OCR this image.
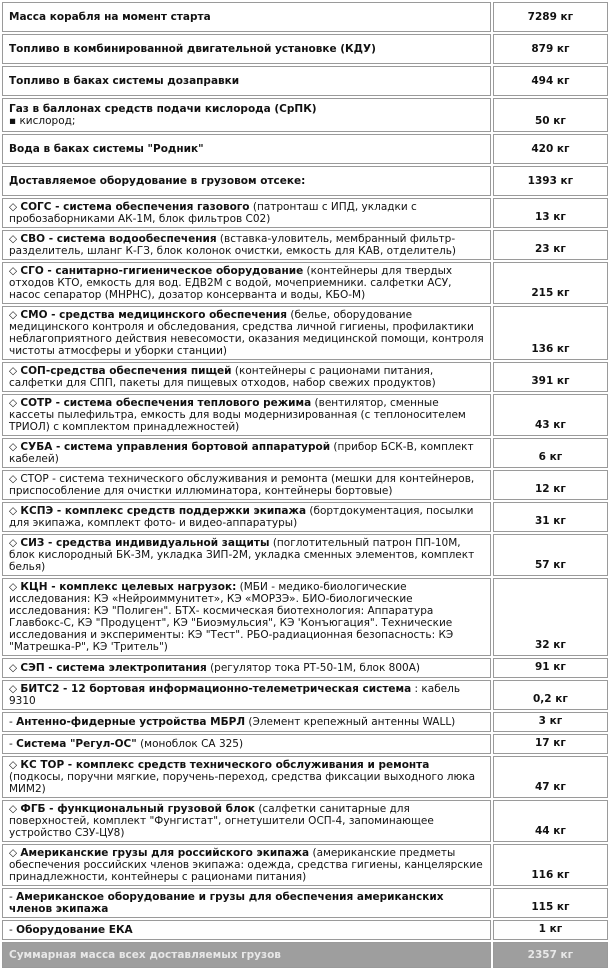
Масса корабля на момент старта	7289 кг
Топливо в комбинированной двигательной установке (КДУ)	879 кг
Топливо в баках системы дозаправки	494 кг
Газ в баллонах средств подачи кислорода (СрПК)
▪ кислород;	50 кг
Вода в баках системы "Родник"	420 кг
Доставляемое оборудование в грузовом отсеке:	1393 кг
◇ СОГС - система обеспечения газового (патронташ с ИПД, укладки с пробозаборниками АК-1М, блок фильтров С02)	13 кг
◇ СВО - система водообеспечения (вставка-уловитель, мембранный фильтр-разделитель, шланг К-ГЗ, блок колонок очистки, емкость для КАВ, отделитель)	23 кг
◇ СГО - санитарно-гигиеническое оборудование (контейнеры для твердых отходов КТО, емкость для вод. ЕДВ2М с водой, мочеприемники. салфетки АСУ, насос сепаратор (МНРНС), дозатор консерванта и воды, КБО-М)	215 кг
◇ СМО - средства медицинского обеспечения (белье, оборудование медицинского контроля и обследования, средства личной гигиены, профилактики неблагоприятного действия невесомости, оказания медицинской помощи, контроля чистоты атмосферы и уборки станции)	136 кг
◇ СОП-средства обеспечения пищей (контейнеры с рационами питания, салфетки для СПП, пакеты для пищевых отходов, набор свежих продуктов)	391 кг
◇ СОТР - система обеспечения теплового режима (вентилятор, сменные кассеты пылефильтра, емкость для воды модернизированная (с теплоносителем ТРИОЛ) с комплектом принадлежностей)	43 кг
◇ СУБА - система управления бортовой аппаратурой (прибор БСК-В, комплект кабелей)	6 кг
◇ СТОР - система технического обслуживания и ремонта (мешки для контейнеров, приспособление для очистки иллюминатора, контейнеры бортовые)	12 кг
◇ КСПЭ - комплекс средств поддержки экипажа (бортдокументация, посылки для экипажа, комплект фото- и видео-аппаратуры)	31 кг
◇ СИЗ - средства индивидуальной защиты (поглотительный патрон ПП-10М, блок кислородный БК-3М, укладка ЗИП-2М, укладка сменных элементов, комплект белья)	57 кг
◇ КЦН - комплекс целевых нагрузок: (МБИ - медико-биологические исследования: КЭ «Нейроиммунитет», КЭ «МОРЗЭ». БИО-биологические исследования: КЭ "Полиген". БТХ- космическая биотехнология: Аппаратура Главбокс-С, КЭ "Продуцент", КЭ "Биоэмульсия", КЭ 'Конъюгация". Технические исследования и эксперименты: КЭ "Тест". РБО-радиационная безопасность: КЭ "Матрешка-Р", КЭ 'Тритель")	32 кг
◇ СЭП - система электропитания (регулятор тока РТ-50-1М, блок 800А)	91 кг
◇ БИТС2 - 12 бортовая информационно-телеметрическая система : кабель 9310	0,2 кг
- Антенно-фидерные устройства МБРЛ (Элемент крепежный антенны WALL)	3 кг
- Система "Регул-ОС" (моноблок СА 325)	17 кг
◇ КС ТОР - комплекс средств технического обслуживания и ремонта (подкосы, поручни мягкие, поручень-переход, средства фиксации выходного люка МИМ2)	47 кг
◇ ФГБ - функциональный грузовой блок (салфетки санитарные для поверхностей, комплект "Фунгистат", огнетушители ОСП-4, запоминающее устройство СЗУ-ЦУ8)	44 кг
◇ Американские грузы для российского экипажа (американские предметы обеспечения российских членов экипажа: одежда, средства гигиены, канцелярские принадлежности, контейнеры с рационами питания)	116 кг
- Американское оборудование и грузы для обеспечения американских членов экипажа	115 кг
- Оборудование ЕКА	1 кг
Суммарная масса всех доставляемых грузов	2357 кг
